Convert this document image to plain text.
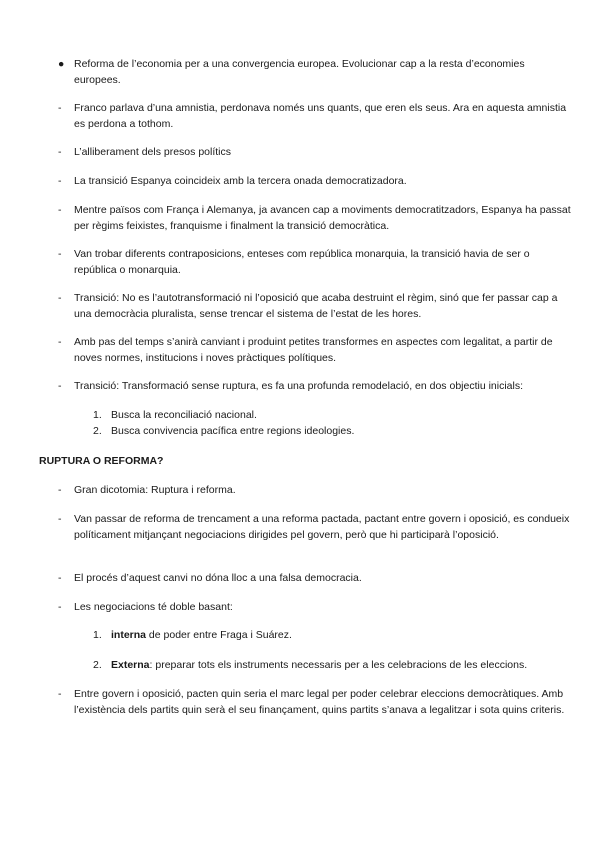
● Reforma de l’economia per a una convergencia europea. Evolucionar cap a la resta d’economies europees.
-	Franco parlava d’una amnistia, perdonava només uns quants, que eren els seus. Ara en aquesta amnistia es perdona a tothom.
-	L’alliberament dels presos polítics
-	La transició Espanya coincideix amb la tercera onada democratizadora.
-	Mentre països com França i Alemanya, ja avancen cap a moviments democratitzadors, Espanya ha passat per règims feixistes, franquisme i finalment la transició democràtica.
-	Van trobar diferents contraposicions, enteses com república monarquia, la transició havia de ser o república o monarquia.
-	Transició: No es l’autotransformació ni l’oposició que acaba destruint el règim, sinó que fer passar cap a una democràcia pluralista, sense trencar el sistema de l’estat de les hores.
-	Amb pas del temps s’anirà canviant i produint petites transformes en aspectes com legalitat, a partir de noves normes, institucions i noves pràctiques polítiques.
-	Transició: Transformació sense ruptura, es fa una profunda remodelació, en dos objectiu inicials:
1. Busca la reconciliació nacional.
2. Busca convivencia pacífica entre regions ideologies.
RUPTURA O REFORMA?
-	Gran dicotomia: Ruptura i reforma.
-	Van passar de reforma de trencament a una reforma pactada, pactant entre govern i oposició, es condueix políticament mitjançant negociacions dirigides pel govern, però que hi participarà l’oposició.
-	El procés d’aquest canvi no dóna lloc a una falsa democracia.
-	Les negociacions té doble basant:
1. interna de poder entre Fraga i Suárez.
2. Externa: preparar tots els instruments necessaris per a les celebracions de les eleccions.
-	Entre govern i oposició, pacten quin seria el marc legal per poder celebrar eleccions democràtiques. Amb l’existència dels partits quin serà el seu finançament, quins partits s’anava a legalitzar i sota quins criteris.
